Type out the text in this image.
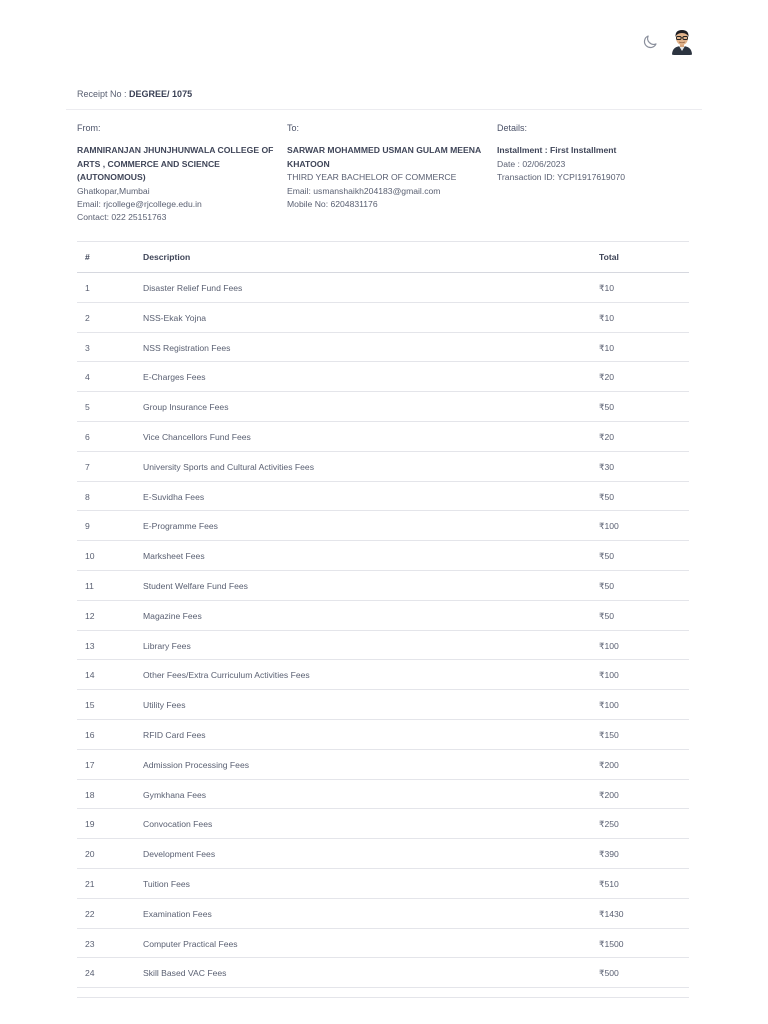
Receipt No : DEGREE/ 1075
From:
RAMNIRANJAN JHUNJHUNWALA COLLEGE OF
ARTS , COMMERCE AND SCIENCE
(AUTONOMOUS)
Ghatkopar,Mumbai
Email: rjcollege@rjcollege.edu.in
Contact: 022 25151763
To:
SARWAR MOHAMMED USMAN GULAM MEENA
KHATOON
THIRD YEAR BACHELOR OF COMMERCE
Email: usmanshaikh204183@gmail.com
Mobile No: 6204831176
Details:
Installment : First Installment
Date : 02/06/2023
Transaction ID: YCPI1917619070
#	Description	Total
1	Disaster Relief Fund Fees	₹10
2	NSS-Ekak Yojna	₹10
3	NSS Registration Fees	₹10
4	E-Charges Fees	₹20
5	Group Insurance Fees	₹50
6	Vice Chancellors Fund Fees	₹20
7	University Sports and Cultural Activities Fees	₹30
8	E-Suvidha Fees	₹50
9	E-Programme Fees	₹100
10	Marksheet Fees	₹50
11	Student Welfare Fund Fees	₹50
12	Magazine Fees	₹50
13	Library Fees	₹100
14	Other Fees/Extra Curriculum Activities Fees	₹100
15	Utility Fees	₹100
16	RFID Card Fees	₹150
17	Admission Processing Fees	₹200
18	Gymkhana Fees	₹200
19	Convocation Fees	₹250
20	Development Fees	₹390
21	Tuition Fees	₹510
22	Examination Fees	₹1430
23	Computer Practical Fees	₹1500
24	Skill Based VAC Fees	₹500
